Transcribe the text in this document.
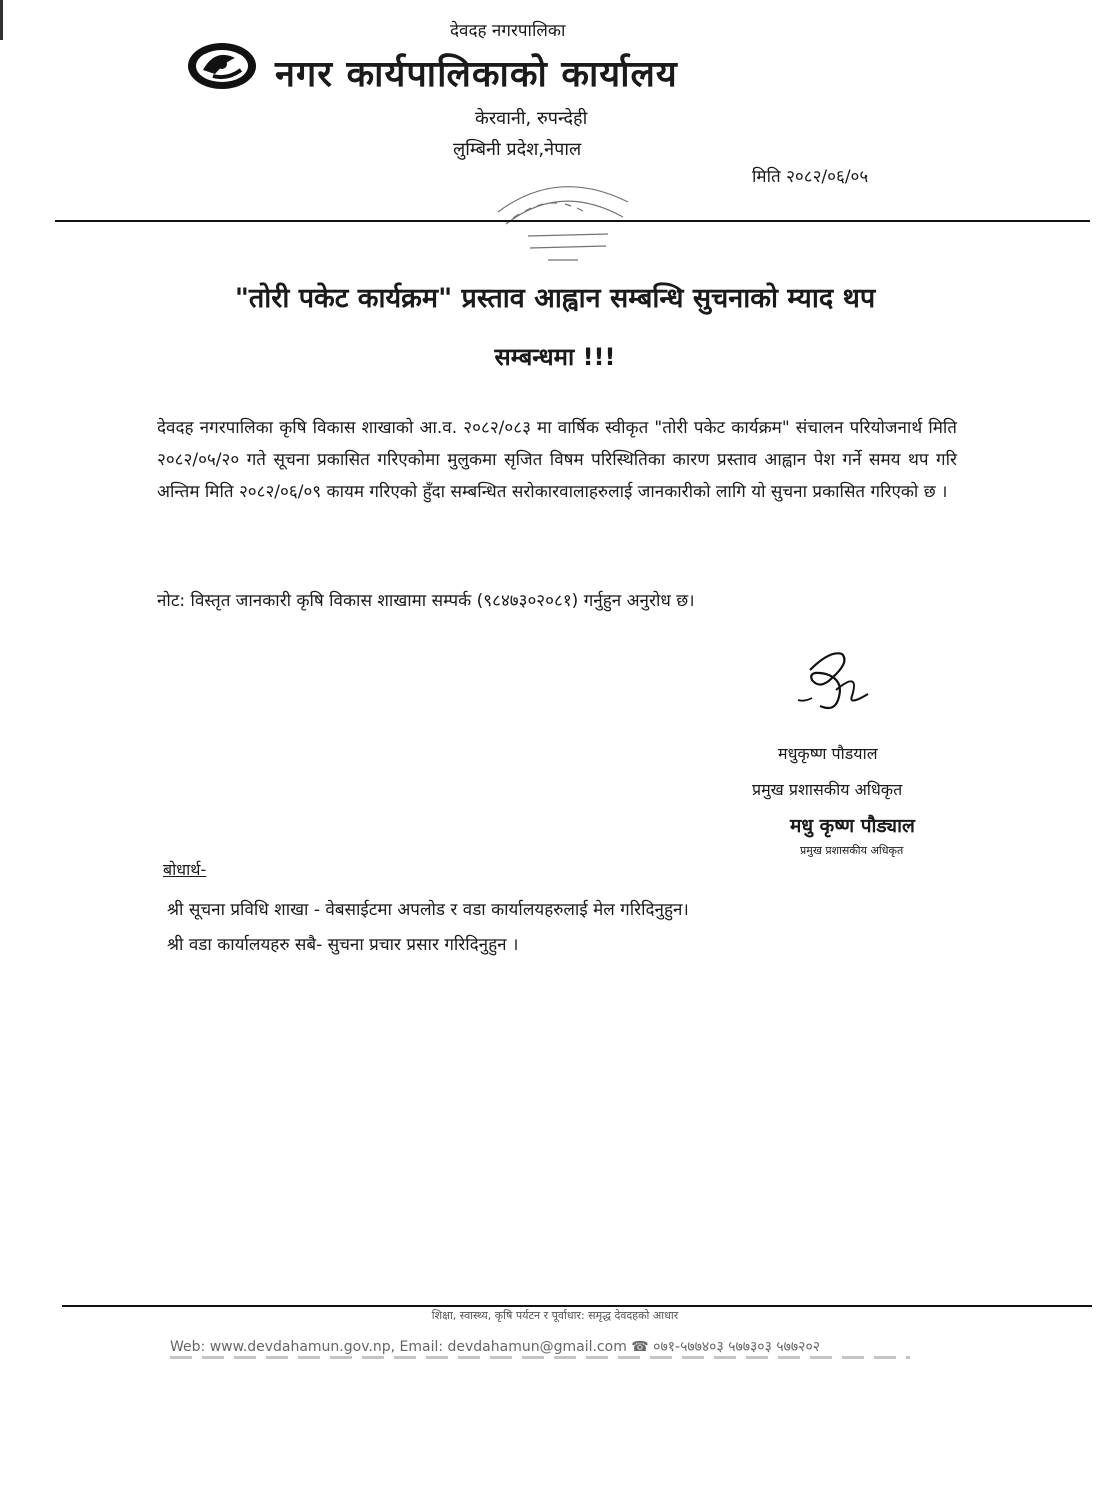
देवदह नगरपालिका
नगर कार्यपालिकाको कार्यालय
केरवानी, रुपन्देही
लुम्बिनी प्रदेश,नेपाल
मिति २०८२/०६/०५
"तोरी पकेट कार्यक्रम" प्रस्ताव आह्वान सम्बन्धि सुचनाको म्याद थप
सम्बन्धमा !!!
देवदह नगरपालिका कृषि विकास शाखाको आ.व. २०८२/०८३ मा वार्षिक स्वीकृत "तोरी पकेट कार्यक्रम" संचालन परियोजनार्थ मिति २०८२/०५/२० गते सूचना प्रकासित गरिएकोमा मुलुकमा सृजित विषम परिस्थितिका कारण प्रस्ताव आह्वान पेश गर्ने समय थप गरि अन्तिम मिति २०८२/०६/०९ कायम गरिएको हुँदा सम्बन्धित सरोकारवालाहरुलाई जानकारीको लागि यो सुचना प्रकासित गरिएको छ ।
नोट: विस्तृत जानकारी कृषि विकास शाखामा सम्पर्क (९८४७३०२०८१) गर्नुहुन अनुरोध छ।
मधुकृष्ण पौडयाल
प्रमुख प्रशासकीय अधिकृत
मधु कृष्ण पौड्याल
प्रमुख प्रशासकीय अधिकृत
बोधार्थ-
श्री सूचना प्रविधि शाखा - वेबसाईटमा अपलोड र वडा कार्यालयहरुलाई मेल गरिदिनुहुन।
श्री वडा कार्यालयहरु सबै- सुचना प्रचार प्रसार गरिदिनुहुन ।
शिक्षा, स्वास्थ्य, कृषि पर्यटन र पूर्वाधार: समृद्ध देवदहको आधार
Web: www.devdahamun.gov.np, Email: devdahamun@gmail.com ☎ ०७१-५७७४०३ ५७७३०३ ५७७२०२
